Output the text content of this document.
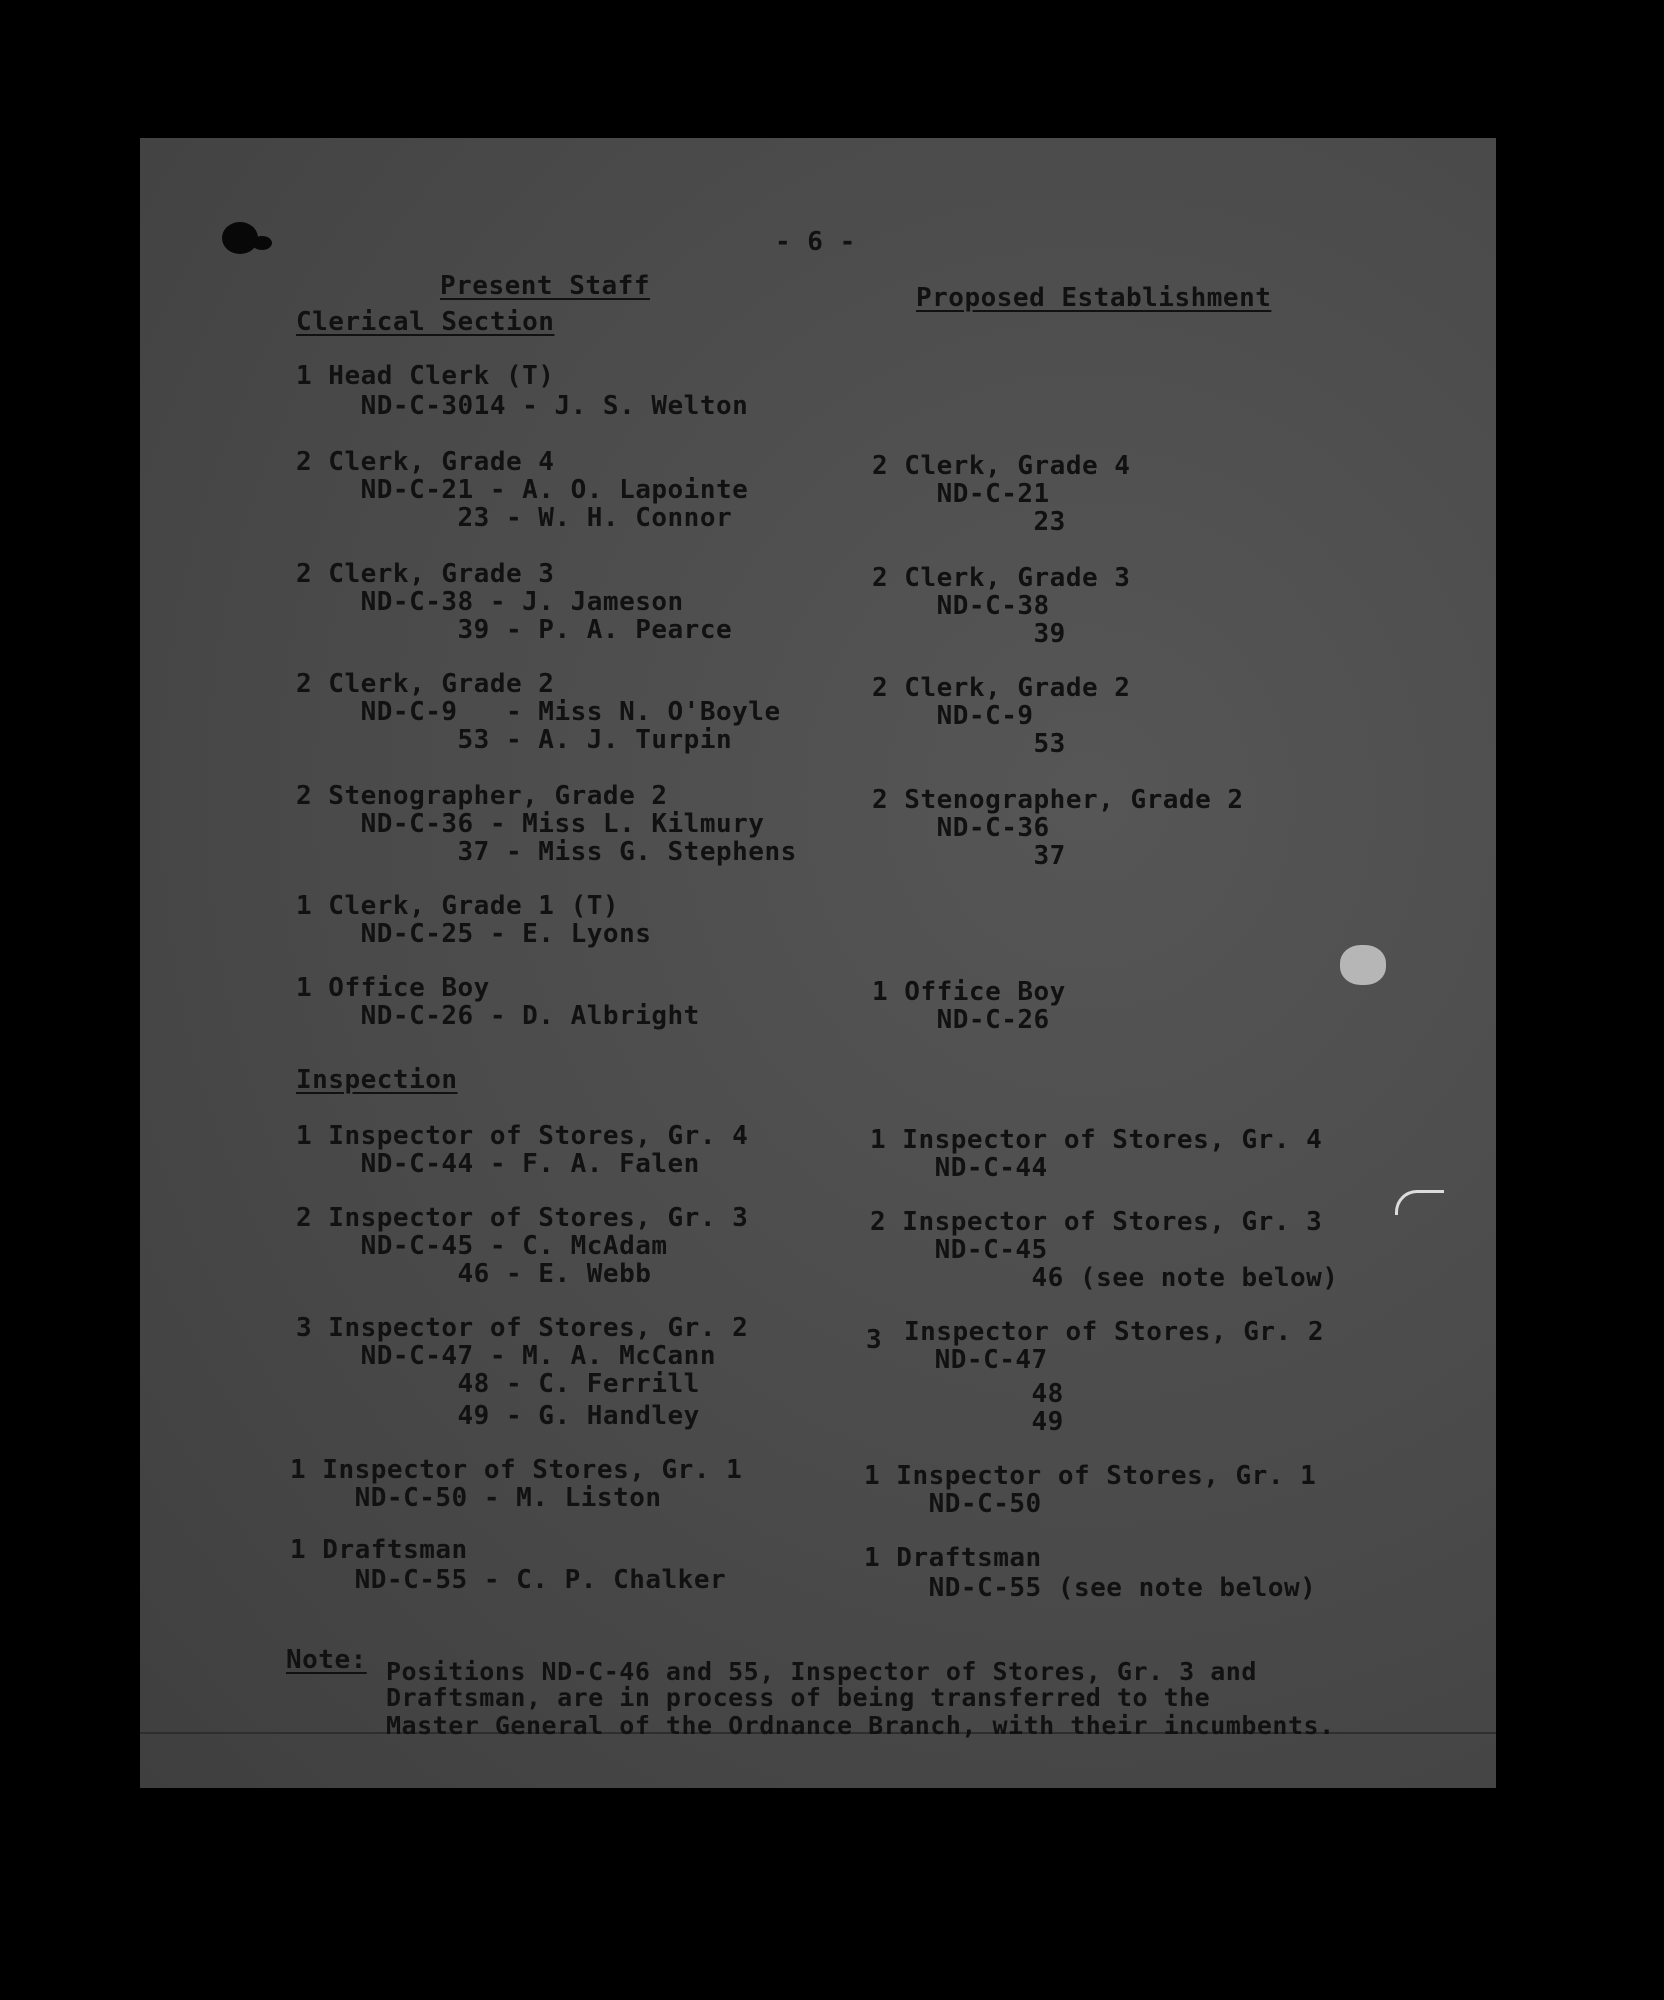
- 6 -
Present Staff	Proposed Establishment
Clerical Section
1 Head Clerk (T)
ND-C-3014 - J. S. Welton
2 Clerk, Grade 4
ND-C-21 - A. O. Lapointe
23 - W. H. Connor
2 Clerk, Grade 3
ND-C-38 - J. Jameson
39 - P. A. Pearce
2 Clerk, Grade 2
ND-C-9   - Miss N. O'Boyle
53 - A. J. Turpin
2 Stenographer, Grade 2
ND-C-36 - Miss L. Kilmury
37 - Miss G. Stephens
1 Clerk, Grade 1 (T)
ND-C-25 - E. Lyons
1 Office Boy
ND-C-26 - D. Albright
2 Clerk, Grade 4
ND-C-21
23
2 Clerk, Grade 3
ND-C-38
39
2 Clerk, Grade 2
ND-C-9
53
2 Stenographer, Grade 2
ND-C-36
37
1 Office Boy
ND-C-26
Inspection
1 Inspector of Stores, Gr. 4
ND-C-44 - F. A. Falen
2 Inspector of Stores, Gr. 3
ND-C-45 - C. McAdam
46 - E. Webb
3 Inspector of Stores, Gr. 2
ND-C-47 - M. A. McCann
48 - C. Ferrill
49 - G. Handley
1 Inspector of Stores, Gr. 1
ND-C-50 - M. Liston
1 Draftsman
ND-C-55 - C. P. Chalker
1 Inspector of Stores, Gr. 4
ND-C-44
2 Inspector of Stores, Gr. 3
ND-C-45
46 (see note below)
3 Inspector of Stores, Gr. 2
ND-C-47
48
49
1 Inspector of Stores, Gr. 1
ND-C-50
1 Draftsman
ND-C-55 (see note below)
Note: Positions ND-C-46 and 55, Inspector of Stores, Gr. 3 and
Draftsman, are in process of being transferred to the
Master General of the Ordnance Branch, with their incumbents.
